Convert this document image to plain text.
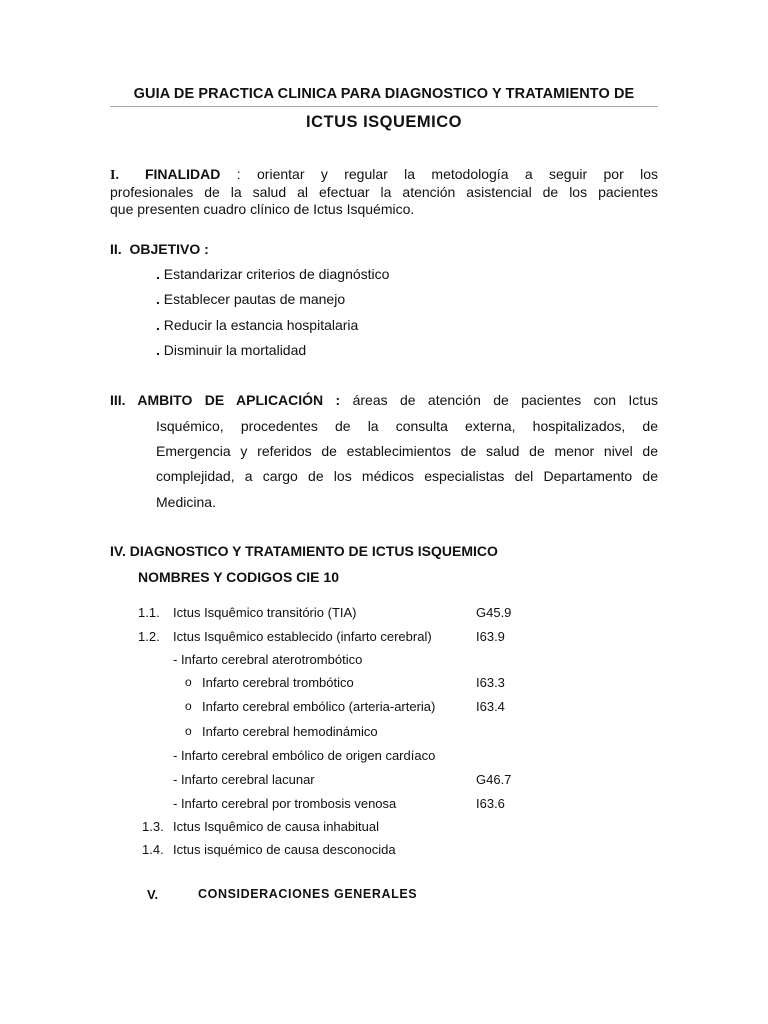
GUIA DE PRACTICA CLINICA PARA DIAGNOSTICO Y TRATAMIENTO DE
ICTUS ISQUEMICO
I. FINALIDAD : orientar y regular la metodología a seguir por los
profesionales de la salud al efectuar la atención asistencial de los pacientes
que presenten cuadro clínico de Ictus Isquémico.
II. OBJETIVO :
. Estandarizar criterios de diagnóstico
. Establecer pautas de manejo
. Reducir la estancia hospitalaria
. Disminuir la mortalidad
III. AMBITO DE APLICACIÓN : áreas de atención de pacientes con Ictus
Isquémico, procedentes de la consulta externa, hospitalizados, de
Emergencia y referidos de establecimientos de salud de menor nivel de
complejidad, a cargo de los médicos especialistas del Departamento de
Medicina.
IV. DIAGNOSTICO Y TRATAMIENTO DE ICTUS ISQUEMICO
NOMBRES Y CODIGOS CIE 10
1.1. Ictus Isquêmico transitório (TIA)	G45.9
1.2. Ictus Isquêmico establecido (infarto cerebral)	I63.9
- Infarto cerebral aterotrombótico
o Infarto cerebral trombótico	I63.3
o Infarto cerebral embólico (arteria-arteria)	I63.4
o Infarto cerebral hemodinámico
- Infarto cerebral embólico de origen cardíaco
- Infarto cerebral lacunar	G46.7
- Infarto cerebral por trombosis venosa	I63.6
1.3. Ictus Isquêmico de causa inhabitual
1.4. Ictus isquémico de causa desconocida
V.	CONSIDERACIONES GENERALES
